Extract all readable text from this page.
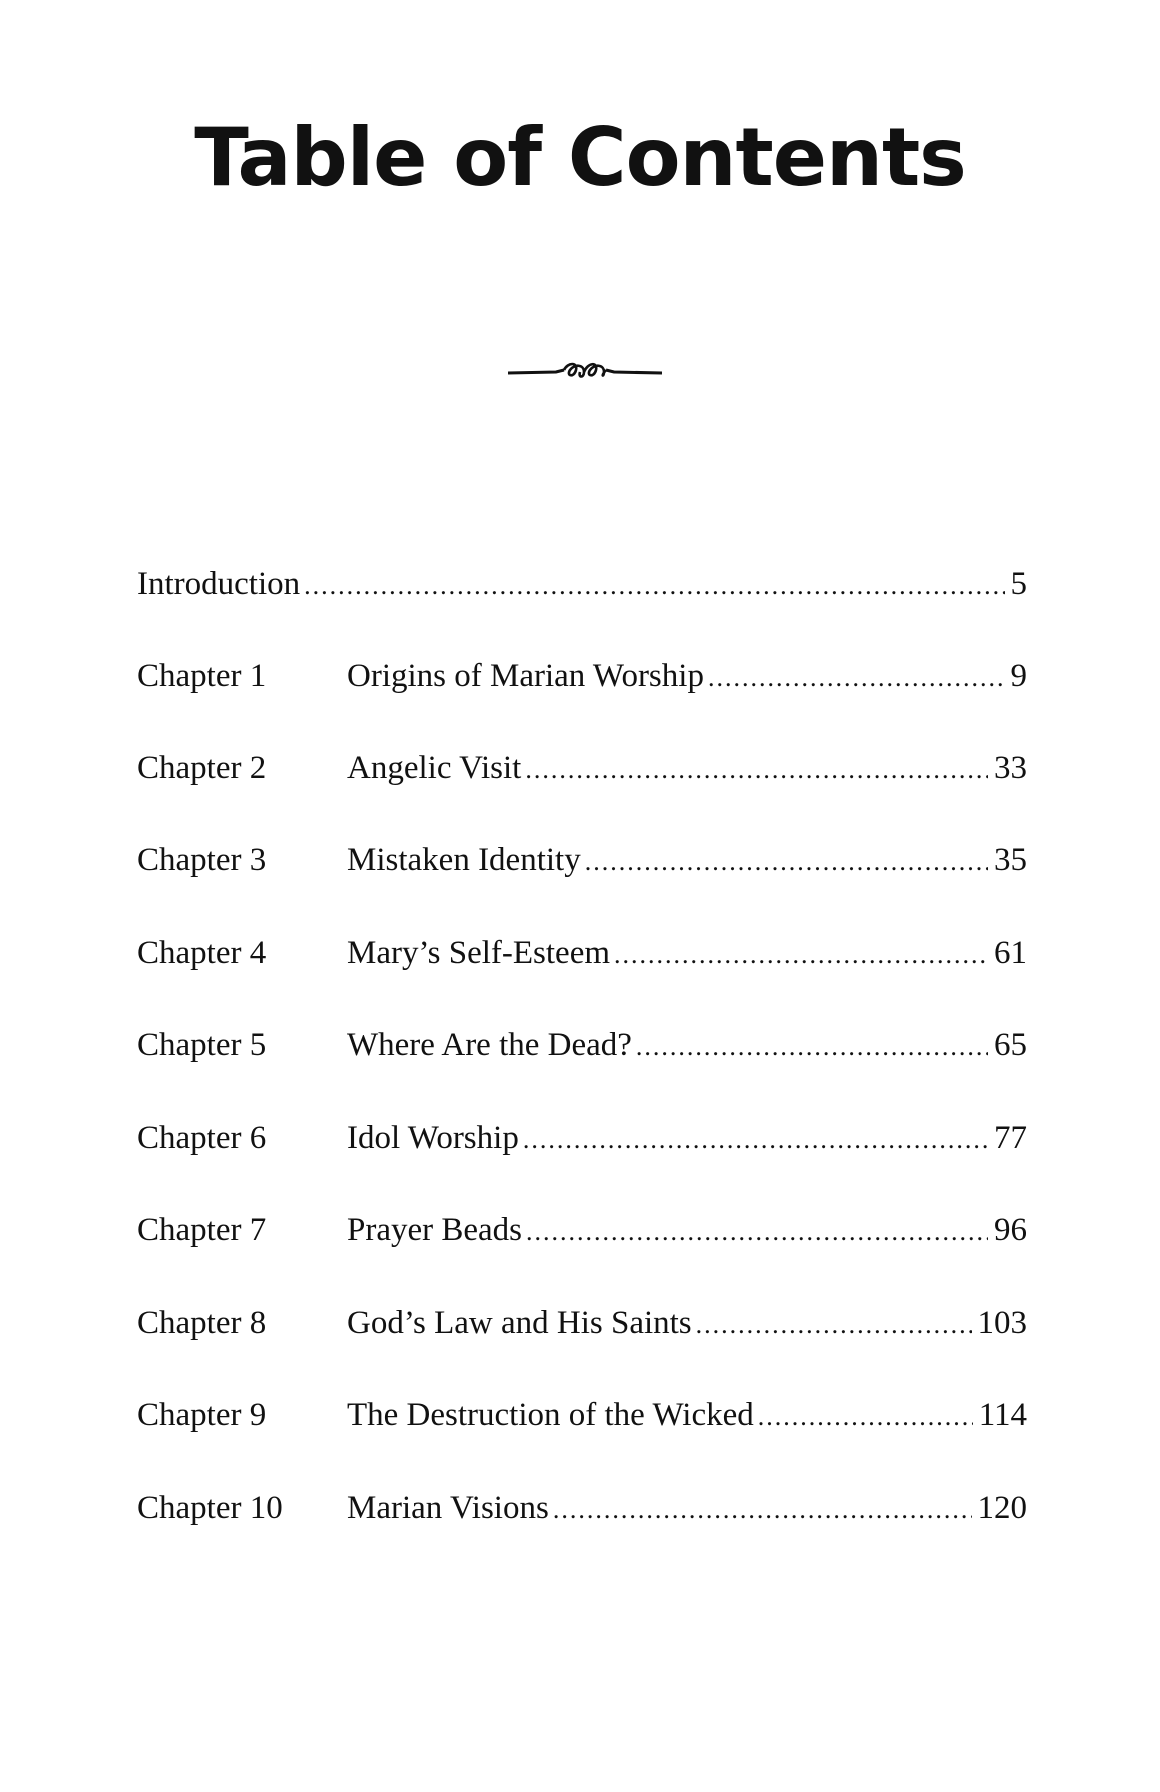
Table of Contents
Introduction .....	5
Chapter 1	Origins of Marian Worship .....	9
Chapter 2	Angelic Visit .....	33
Chapter 3	Mistaken Identity .....	35
Chapter 4	Mary’s Self-Esteem .....	61
Chapter 5	Where Are the Dead? .....	65
Chapter 6	Idol Worship .....	77
Chapter 7	Prayer Beads .....	96
Chapter 8	God’s Law and His Saints .....	103
Chapter 9	The Destruction of the Wicked .....	114
Chapter 10	Marian Visions .....	120
